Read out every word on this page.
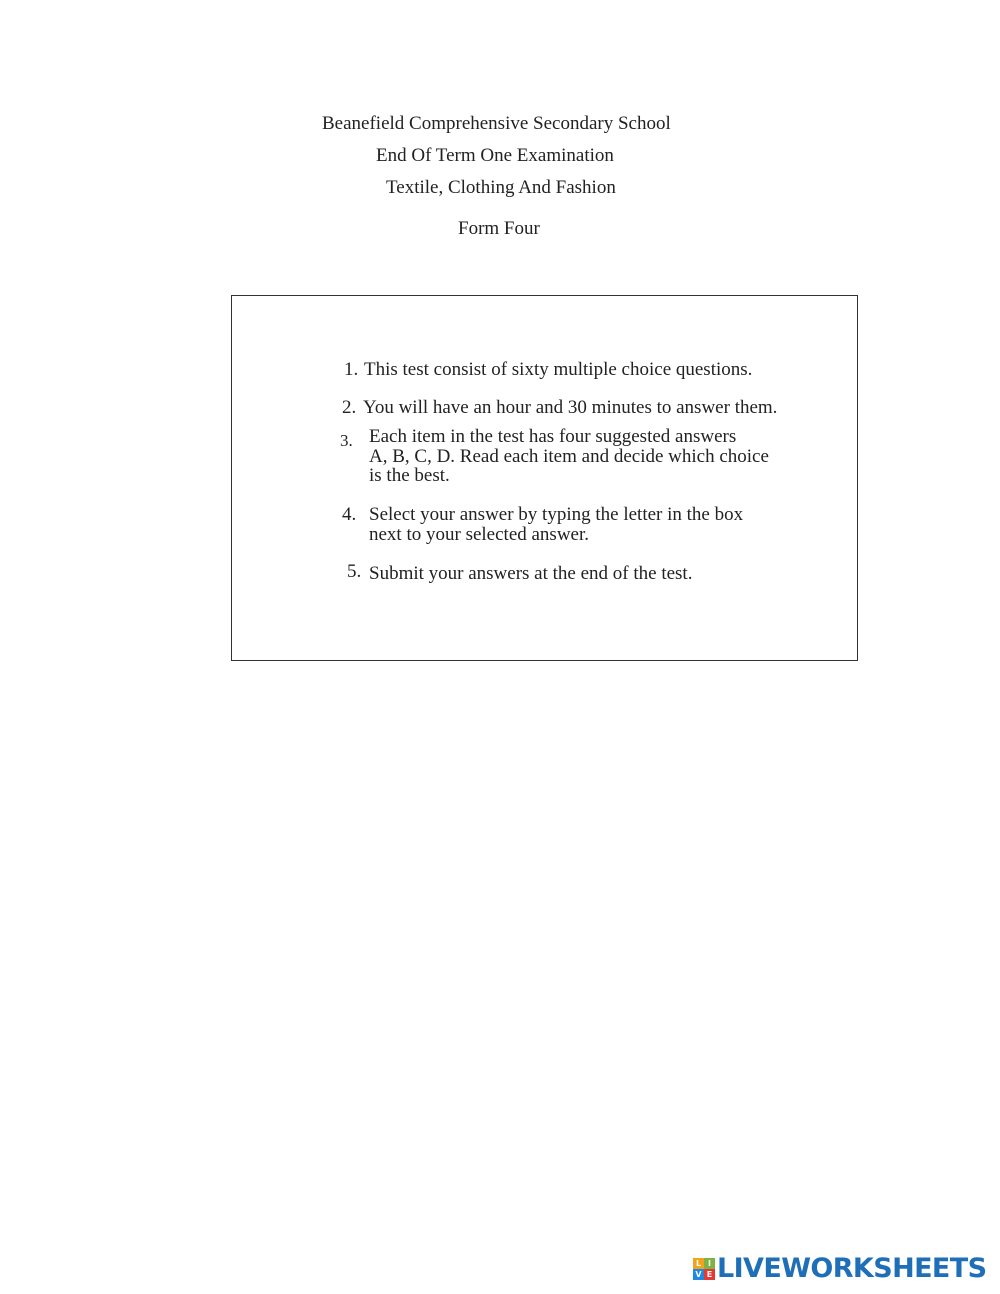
Beanefield Comprehensive Secondary School
End Of Term One Examination
Textile, Clothing And Fashion
Form Four
1. This test consist of sixty multiple choice questions.
2. You will have an hour and 30 minutes to answer them.
3. Each item in the test has four suggested answers
A, B, C, D. Read each item and decide which choice
is the best.
4. Select your answer by typing the letter in the box
next to your selected answer.
5. Submit your answers at the end of the test.
L I
V E LIVEWORKSHEETS
